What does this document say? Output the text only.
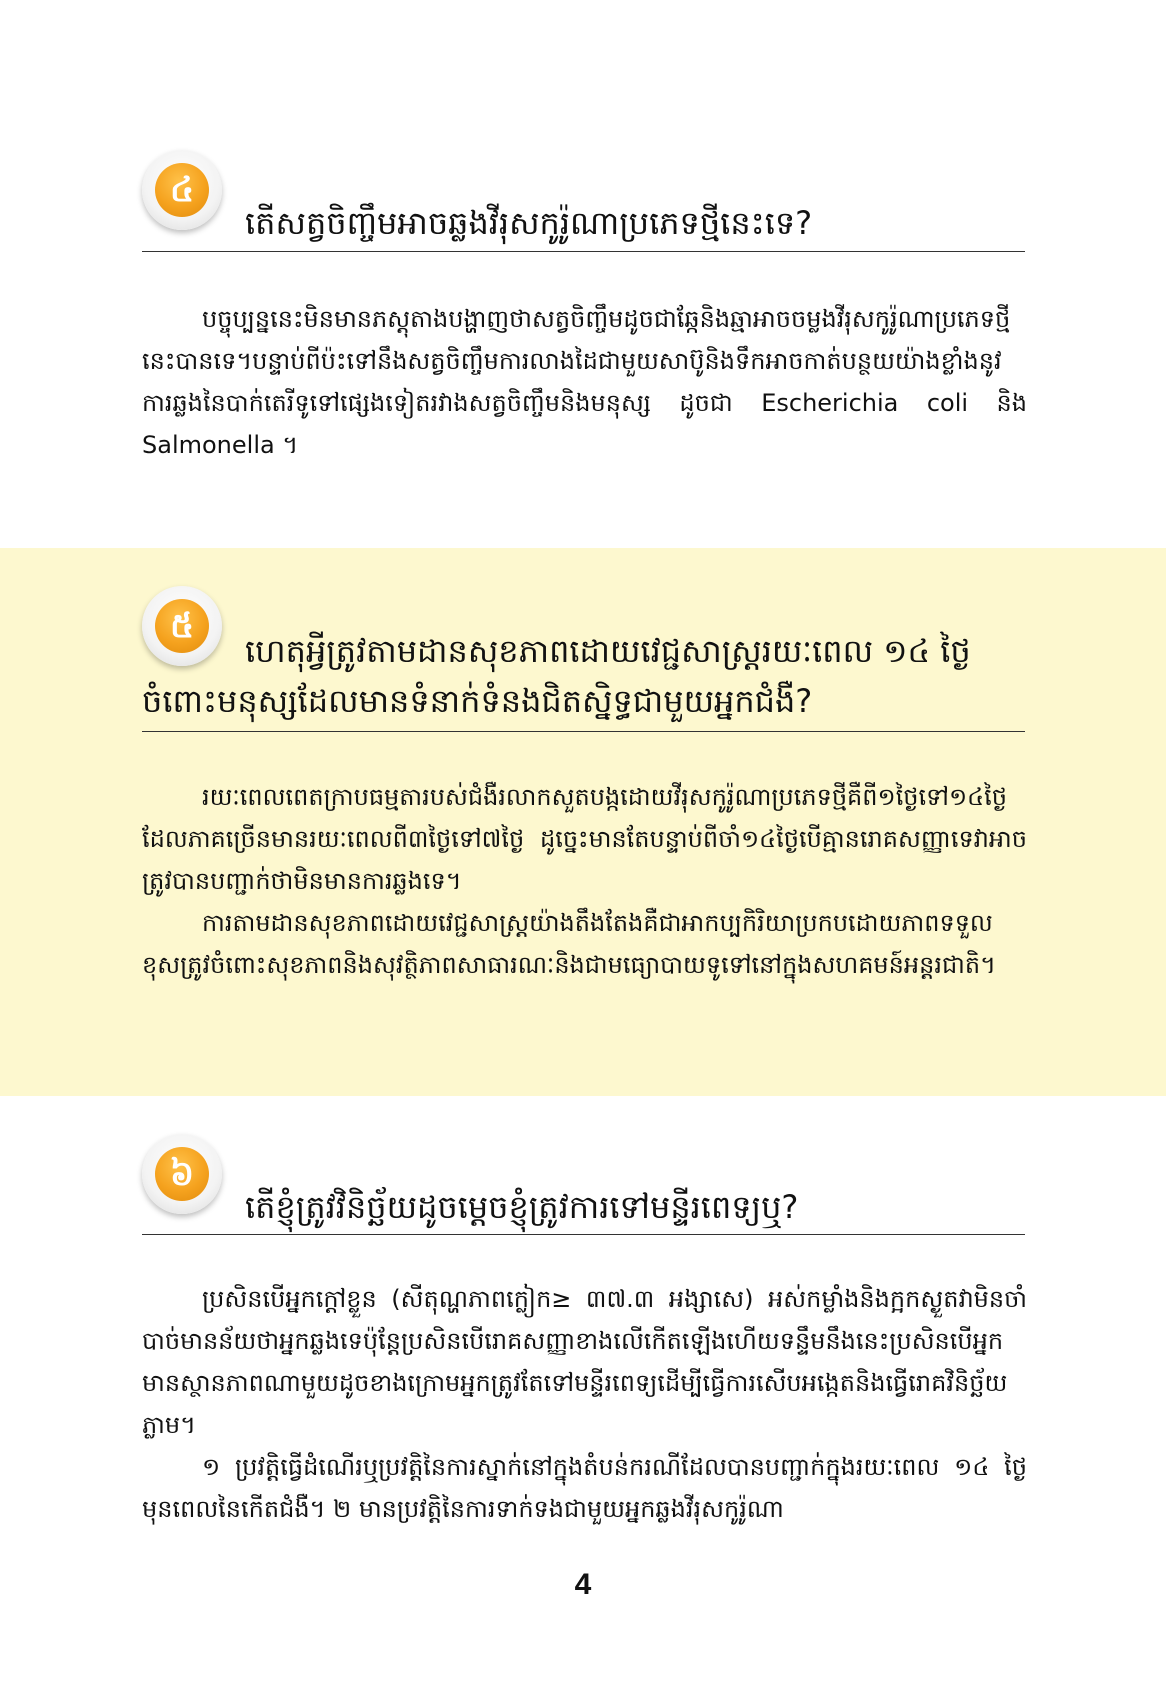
៤
តើសត្វចិញ្ចឹមអាចឆ្លងវីរុសកូរ៉ូណាប្រភេទថ្មីនេះទេ?

បច្ចុប្បន្ននេះមិនមានភស្តុតាងបង្ហាញថាសត្វចិញ្ចឹមដូចជាឆ្កែនិងឆ្មាអាចចម្លងវីរុសកូរ៉ូណាប្រភេទថ្មីនេះបានទេ។បន្ទាប់ពីប៉ះទៅនឹងសត្វចិញ្ចឹមការលាងដៃជាមួយសាប៊ូនិងទឹកអាចកាត់បន្ថយយ៉ាងខ្លាំងនូវការឆ្លងនៃបាក់តេរីទូទៅផ្សេងទៀតរវាងសត្វចិញ្ចឹមនិងមនុស្ស ដូចជា Escherichia coli និង Salmonella ។

៥
ហេតុអ្វីត្រូវតាមដានសុខភាពដោយវេជ្ជសាស្ត្ររយៈពេល ១៤ ថ្ងៃ ចំពោះមនុស្សដែលមានទំនាក់ទំនងជិតស្និទ្ធជាមួយអ្នកជំងឺ?

រយៈពេលពេតក្រាបធម្មតារបស់ជំងឺរលាកសួតបង្កដោយវីរុសកូរ៉ូណាប្រភេទថ្មីគឺពី១ថ្ងៃទៅ១៤ថ្ងៃដែលភាគច្រើនមានរយៈពេលពី៣ថ្ងៃទៅ៧ថ្ងៃ ដូច្នេះមានតែបន្ទាប់ពីចាំ១៤ថ្ងៃបើគ្មានរោគសញ្ញាទេវាអាចត្រូវបានបញ្ជាក់ថាមិនមានការឆ្លងទេ។

ការតាមដានសុខភាពដោយវេជ្ជសាស្ត្រយ៉ាងតឹងតែងគឺជាអាកប្បកិរិយាប្រកបដោយភាពទទួលខុសត្រូវចំពោះសុខភាពនិងសុវត្ថិភាពសាធារណៈនិងជាមធ្យោបាយទូទៅនៅក្នុងសហគមន៍អន្តរជាតិ។

៦
តើខ្ញុំត្រូវវិនិច្ឆ័យដូចម្តេចខ្ញុំត្រូវការទៅមន្ទីរពេទ្យឬ?

ប្រសិនបើអ្នកក្តៅខ្លួន (សីតុណ្ហភាពក្លៀក≥ ៣៧.៣ អង្សាសេ) អស់កម្លាំងនិងក្អកស្ងួតវាមិនចាំបាច់មានន័យថាអ្នកឆ្លងទេប៉ុន្តែប្រសិនបើរោគសញ្ញាខាងលើកើតឡើងហើយទន្ទឹមនឹងនេះប្រសិនបើអ្នកមានស្ថានភាពណាមួយដូចខាងក្រោមអ្នកត្រូវតែទៅមន្ទីរពេទ្យដើម្បីធ្វើការសើបអង្កេតនិងធ្វើរោគវិនិច្ឆ័យភ្លាម។

១ ប្រវត្តិធ្វើដំណើរឬប្រវត្តិនៃការស្នាក់នៅក្នុងតំបន់ករណីដែលបានបញ្ជាក់ក្នុងរយៈពេល ១៤ ថ្ងៃមុនពេលនៃកើតជំងឺ។ ២ មានប្រវត្តិនៃការទាក់ទងជាមួយអ្នកឆ្លងវីរុសកូរ៉ូណា

4
